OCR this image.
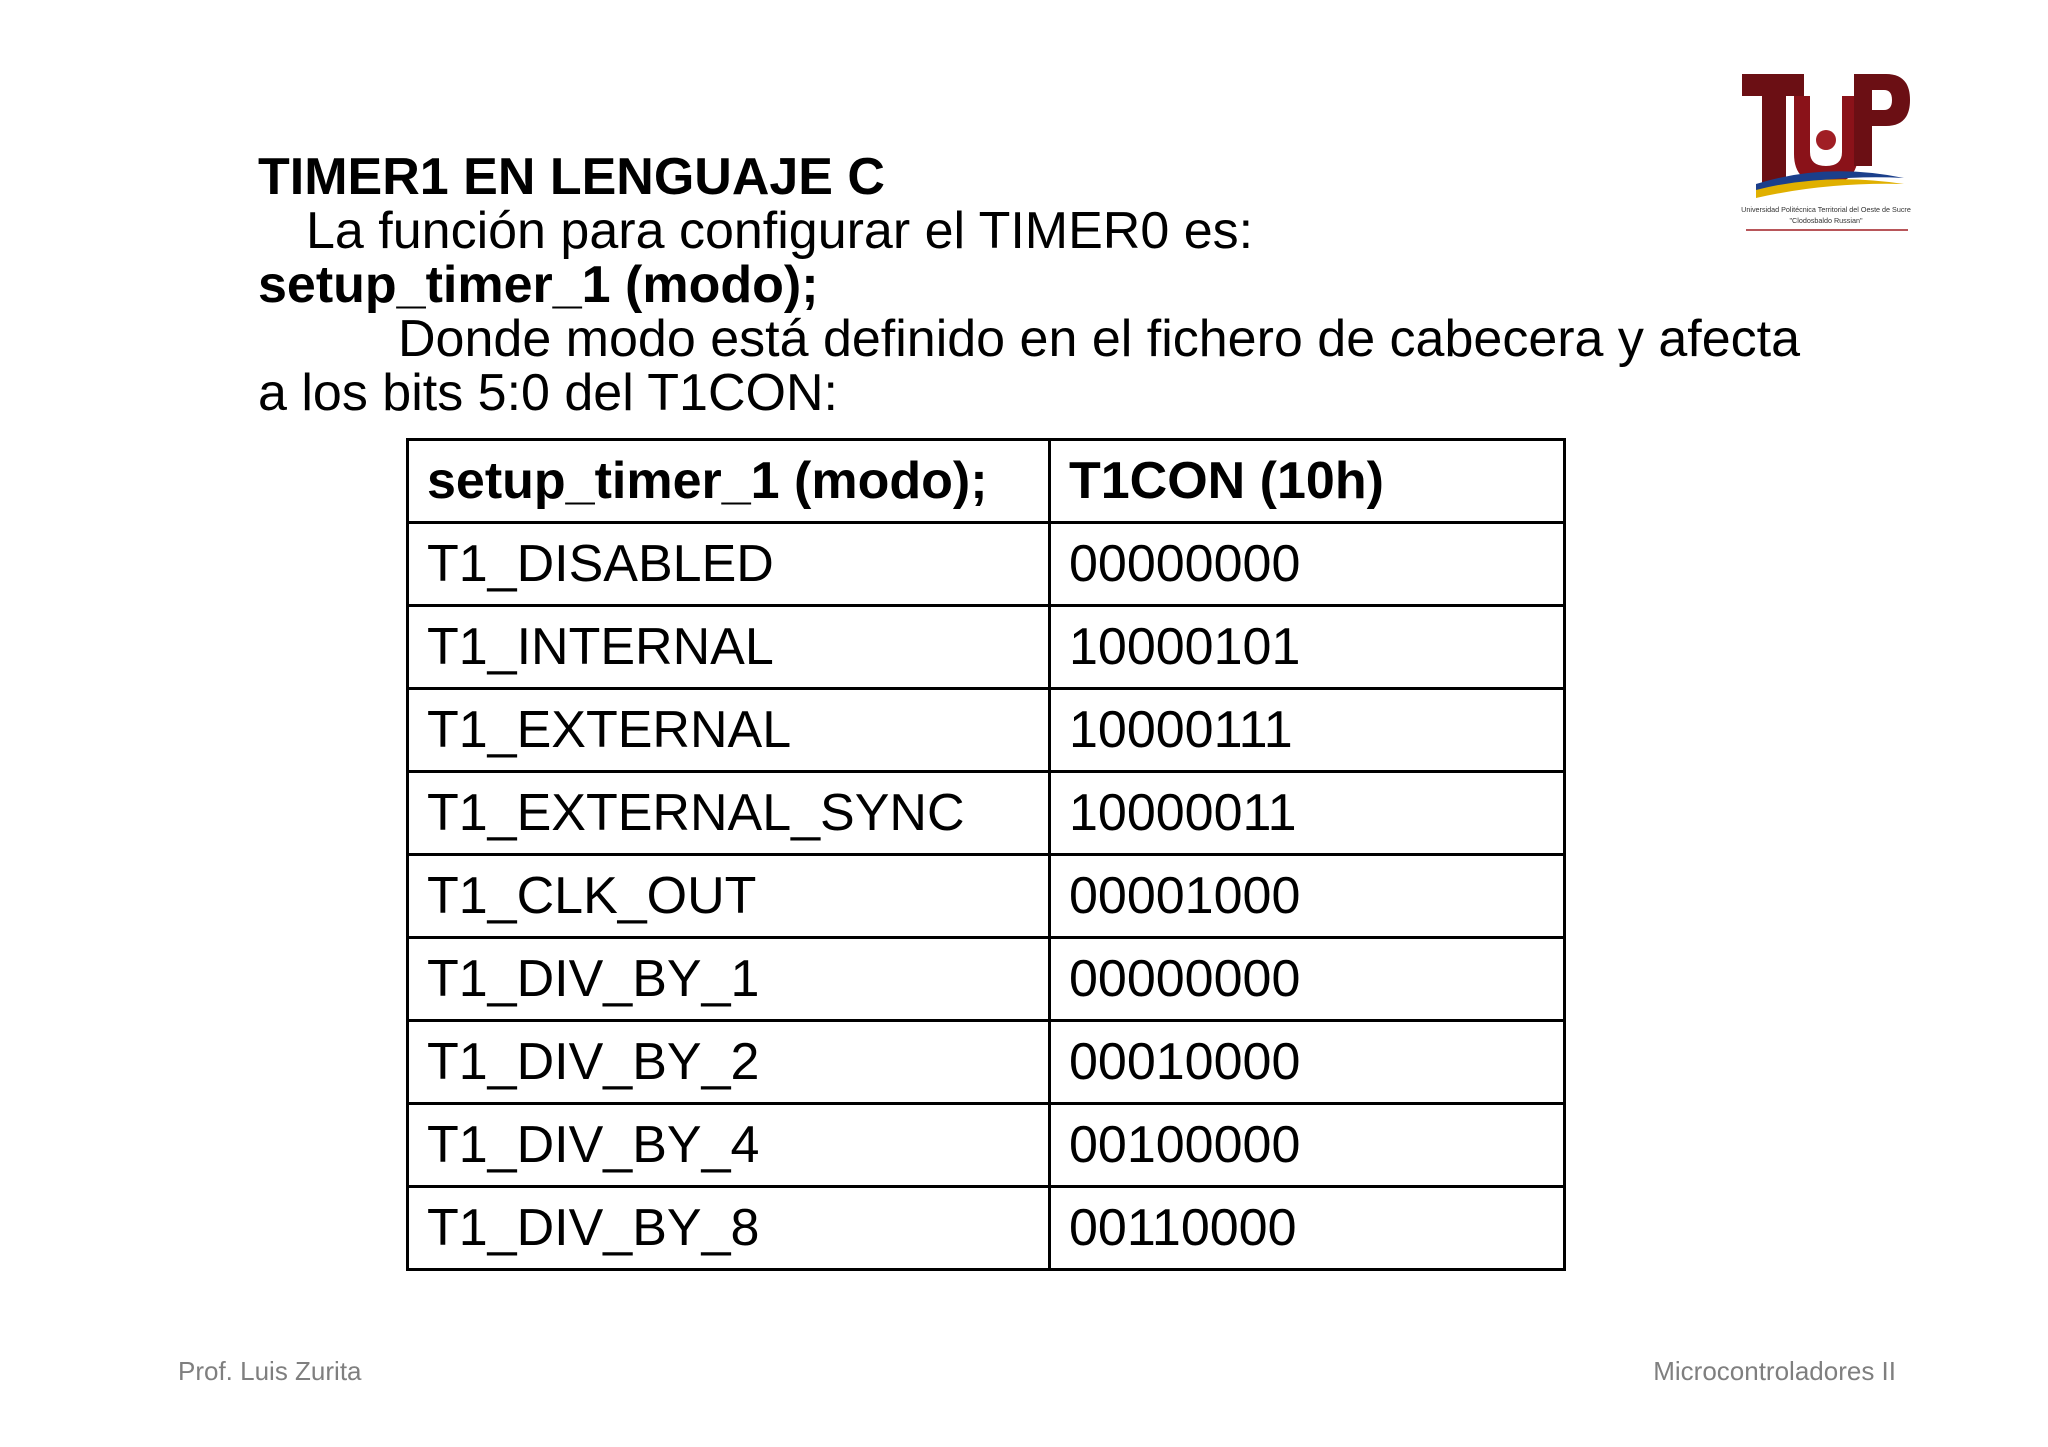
TIMER1 EN LENGUAJE C
La función para configurar el TIMER0 es:
setup_timer_1 (modo);
Donde modo está definido en el fichero de cabecera y afecta
a los bits 5:0 del T1CON:
Universidad Politécnica Territorial del Oeste de Sucre
"Clodosbaldo Russian"
setup_timer_1 (modo);	T1CON (10h)
T1_DISABLED	00000000
T1_INTERNAL	10000101
T1_EXTERNAL	10000111
T1_EXTERNAL_SYNC	10000011
T1_CLK_OUT	00001000
T1_DIV_BY_1	00000000
T1_DIV_BY_2	00010000
T1_DIV_BY_4	00100000
T1_DIV_BY_8	00110000
Prof. Luis Zurita	Microcontroladores II
